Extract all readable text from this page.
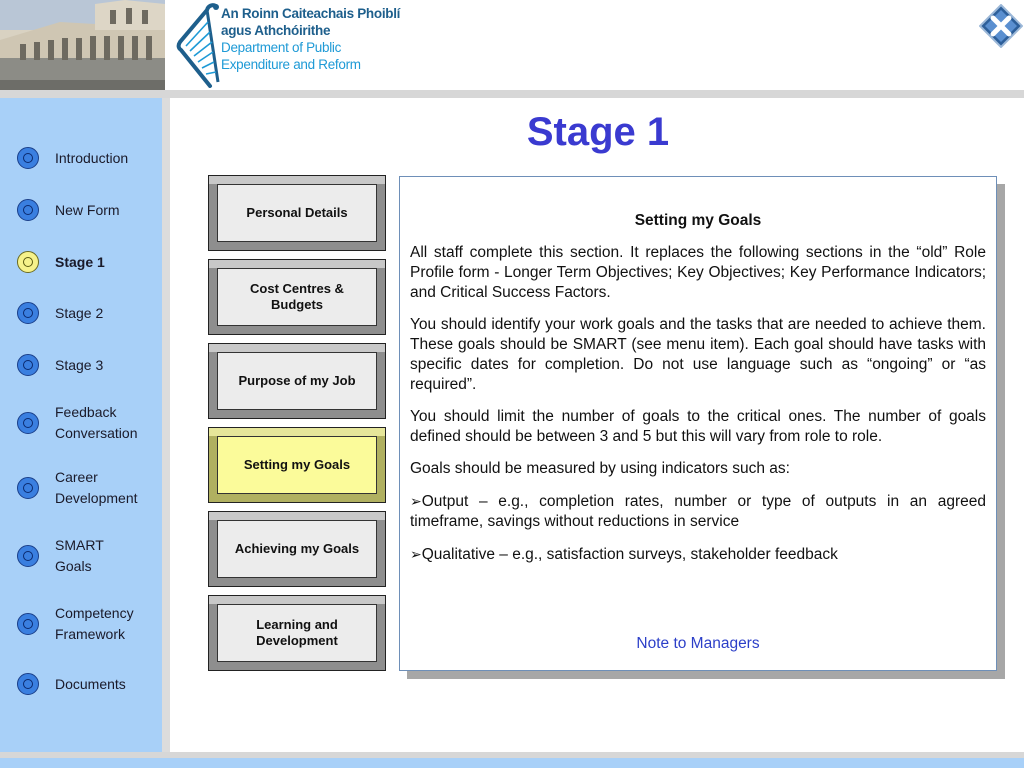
An Roinn Caiteachais Phoiblí
agus Athchóirithe
Department of Public
Expenditure and Reform
Introduction
New Form
Stage 1
Stage 2
Stage 3
Feedback
Conversation
Career
Development
SMART
Goals
Competency
Framework
Documents
Stage 1
Personal Details
Cost Centres & Budgets
Purpose of my Job
Setting my Goals
Achieving my Goals
Learning and Development
Setting my Goals

All staff complete this section. It replaces the following sections in the “old” Role Profile form - Longer Term Objectives; Key Objectives; Key Performance Indicators; and Critical Success Factors.

You should identify your work goals and the tasks that are needed to achieve them. These goals should be SMART (see menu item). Each goal should have tasks with specific dates for completion. Do not use language such as “ongoing” or “as required”.

You should limit the number of goals to the critical ones. The number of goals defined should be between 3 and 5 but this will vary from role to role.

Goals should be measured by using indicators such as:

➢Output – e.g., completion rates, number or type of outputs in an agreed timeframe, savings without reductions in service

➢Qualitative – e.g., satisfaction surveys, stakeholder feedback

Note to Managers
